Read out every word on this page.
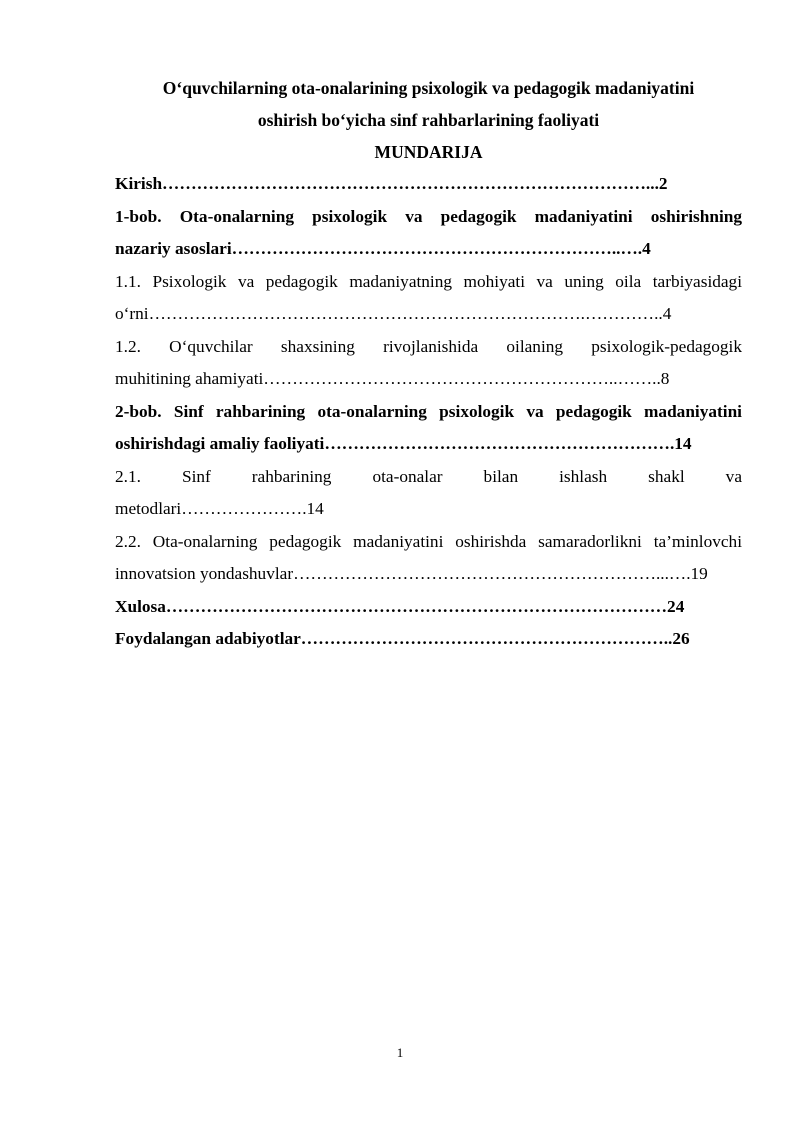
O‘quvchilarning ota-onalarining psixologik va pedagogik madaniyatini
oshirish bo‘yicha sinf rahbarlarining faoliyati
MUNDARIJA
Kirish…………………………………………………………………………...2
1-bob. Ota-onalarning psixologik va pedagogik madaniyatini oshirishning
nazariy asoslari…………………………………………………………..….4
1.1. Psixologik va pedagogik madaniyatning mohiyati va uning oila tarbiyasidagi
o‘rni………………………………………………………………….…………..4
1.2. O‘quvchilar shaxsining rivojlanishida oilaning psixologik-pedagogik
muhitining ahamiyati……………………………………………………..……..8
2-bob. Sinf rahbarining ota-onalarning psixologik va pedagogik madaniyatini
oshirishdagi amaliy faoliyati…………………………………………………….14
2.1. Sinf rahbarining ota-onalar bilan ishlash shakl va
metodlari………………….14
2.2. Ota-onalarning pedagogik madaniyatini oshirishda samaradorlikni ta’minlovchi
innovatsion yondashuvlar………………………………………………………...….19
Xulosa……………………………………………………………………………24
Foydalangan adabiyotlar………………………………………………………..26
1
